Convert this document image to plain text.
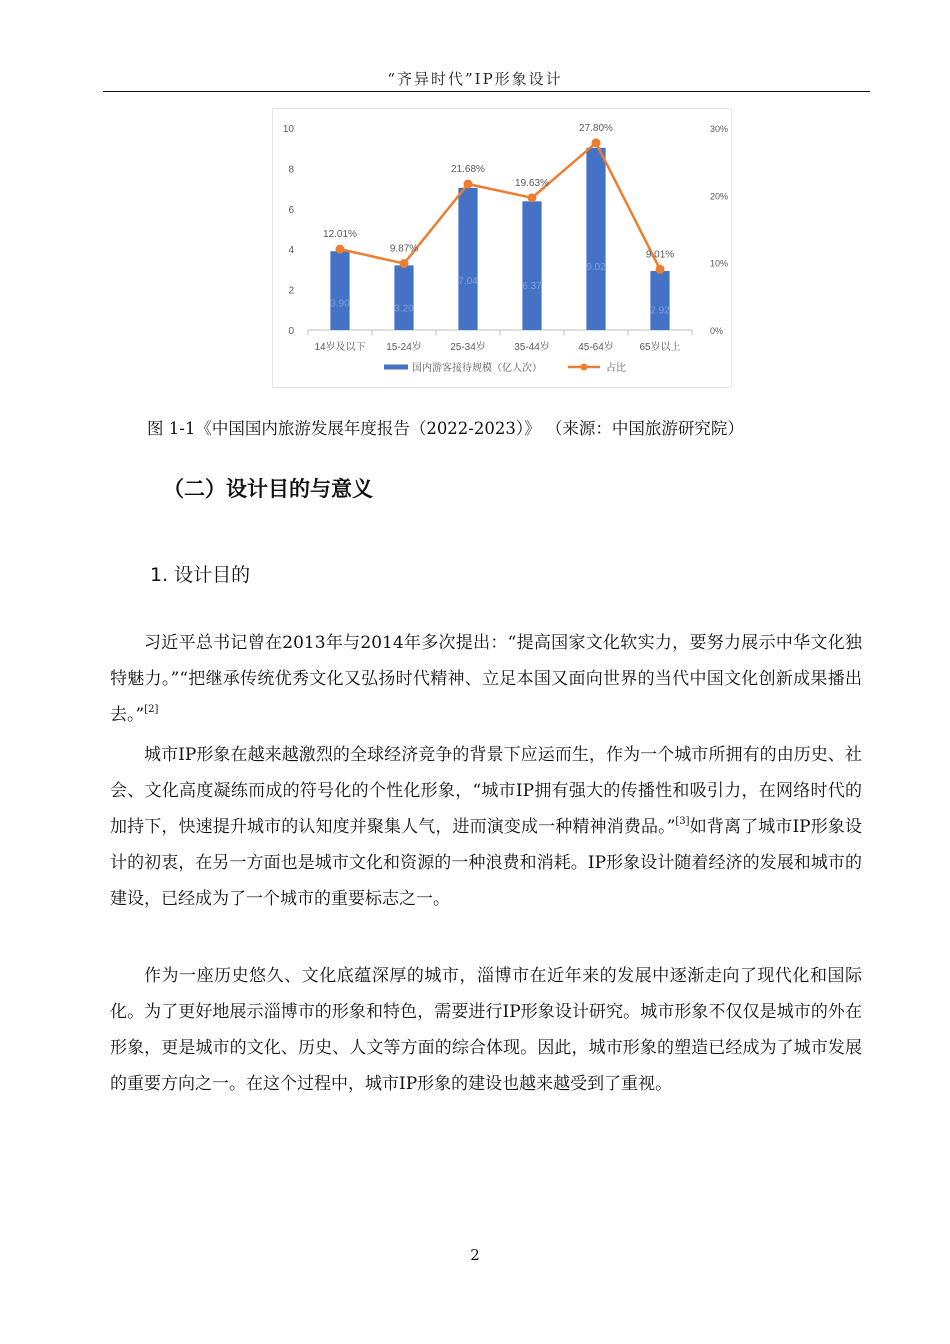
“齐异时代”IP形象设计
0
2
4
6
8
10
0%
10%
20%
30%
3.90	3.20
7.04	6.37
9.02
2.92
12.01%
9.87%
21.68%
19.63%
27.80%
9.01%
14岁及以下 15-24岁	25-34岁	35-44岁	45-64岁	65岁以上
国内游客接待规模（亿人次）	占比
图 1-1《中国国内旅游发展年度报告（2022-2023）》 （来源：中国旅游研究院）
（二）设计目的与意义
1. 设计目的
习近平总书记曾在2013年与2014年多次提出：“提高国家文化软实力，要努力展示中华文化独特魅力。”“把继承传统优秀文化又弘扬时代精神、立足本国又面向世界的当代中国文化创新成果播出去。”[2]
城市IP形象在越来越激烈的全球经济竞争的背景下应运而生，作为一个城市所拥有的由历史、社会、文化高度凝练而成的符号化的个性化形象，“城市IP拥有强大的传播性和吸引力，在网络时代的加持下，快速提升城市的认知度并聚集人气，进而演变成一种精神消费品。”[3]如背离了城市IP形象设计的初衷，在另一方面也是城市文化和资源的一种浪费和消耗。IP形象设计随着经济的发展和城市的建设，已经成为了一个城市的重要标志之一。
作为一座历史悠久、文化底蕴深厚的城市，淄博市在近年来的发展中逐渐走向了现代化和国际化。为了更好地展示淄博市的形象和特色，需要进行IP形象设计研究。城市形象不仅仅是城市的外在形象，更是城市的文化、历史、人文等方面的综合体现。因此，城市形象的塑造已经成为了城市发展的重要方向之一。在这个过程中，城市IP形象的建设也越来越受到了重视。
2
